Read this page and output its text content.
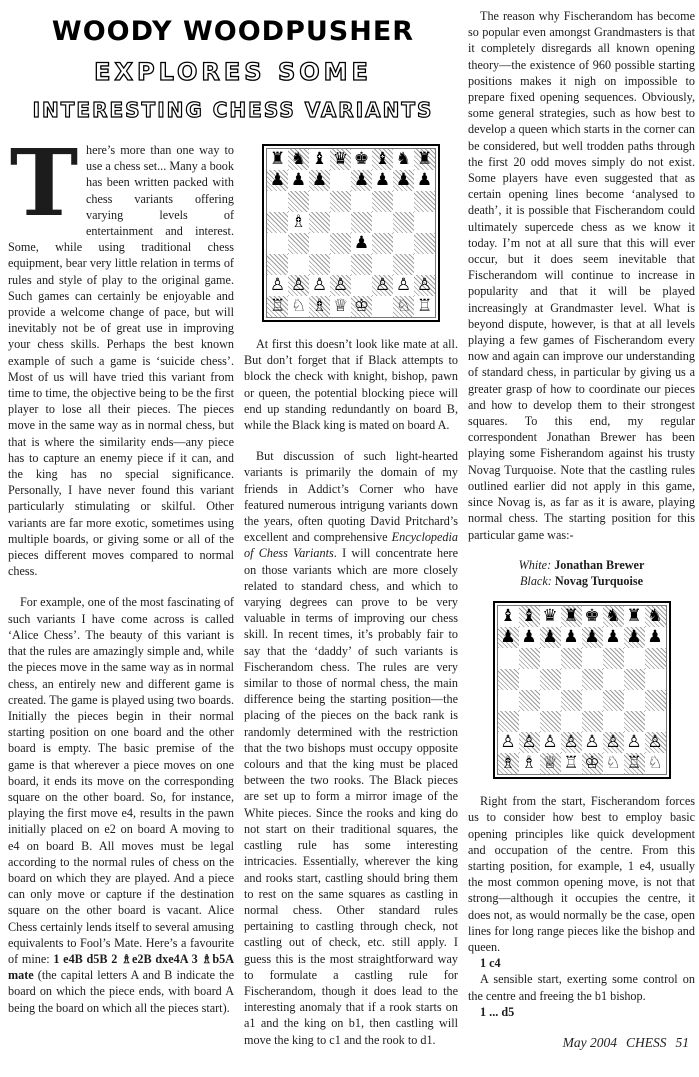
WOODY WOODPUSHER
EXPLORES SOME
INTERESTING CHESS VARIANTS

There’s more than one way to use a chess set... Many a book has been written packed with chess variants offering varying levels of entertainment and interest. Some, while using traditional chess equipment, bear very little relation in terms of rules and style of play to the original game. Such games can certainly be enjoyable and provide a welcome change of pace, but will inevitably not be of great use in improving your chess skills. Perhaps the best known example of such a game is ‘suicide chess’. Most of us will have tried this variant from time to time, the objective being to be the first player to lose all their pieces. The pieces move in the same way as in normal chess, but that is where the similarity ends—any piece has to capture an enemy piece if it can, and the king has no special significance. Personally, I have never found this variant particularly stimulating or skilful. Other variants are far more exotic, sometimes using multiple boards, or giving some or all of the pieces different moves compared to normal chess.

For example, one of the most fascinating of such variants I have come across is called ‘Alice Chess’. The beauty of this variant is that the rules are amazingly simple and, while the pieces move in the same way as in normal chess, an entirely new and different game is created. The game is played using two boards. Initially the pieces begin in their normal starting position on one board and the other board is empty. The basic premise of the game is that wherever a piece moves on one board, it ends its move on the corresponding square on the other board. So, for instance, playing the first move e4, results in the pawn initially placed on e2 on board A moving to e4 on board B. All moves must be legal according to the normal rules of chess on the board on which they are played. And a piece can only move or capture if the destination square on the other board is vacant. Alice Chess certainly lends itself to several amusing equivalents to Fool’s Mate. Here’s a favourite of mine: 1 e4B d5B 2 ♗e2B dxe4A 3 ♗b5A mate (the capital letters A and B indicate the board on which the piece ends, with board A being the board on which all the pieces start).

♜ ♞ ♝ ♛ ♚ ♝ ♞ ♜
♟ ♟ ♟ ♟ ♟ ♟ ♟
♗
♟
♙ ♙ ♙ ♙ ♙ ♙ ♙
♖ ♘ ♗ ♕ ♔ ♘ ♖

At first this doesn’t look like mate at all. But don’t forget that if Black attempts to block the check with knight, bishop, pawn or queen, the potential blocking piece will end up standing redundantly on board B, while the Black king is mated on board A.

But discussion of such light-hearted variants is primarily the domain of my friends in Addict’s Corner who have featured numerous intrigung variants down the years, often quoting David Pritchard’s excellent and comprehensive Encyclopedia of Chess Variants. I will concentrate here on those variants which are more closely related to standard chess, and which to varying degrees can prove to be very valuable in terms of improving our chess skill. In recent times, it’s probably fair to say that the ‘daddy’ of such variants is Fischerandom chess. The rules are very similar to those of normal chess, the main difference being the starting position—the placing of the pieces on the back rank is randomly determined with the restriction that the two bishops must occupy opposite colours and that the king must be placed between the two rooks. The Black pieces are set up to form a mirror image of the White pieces. Since the rooks and king do not start on their traditional squares, the castling rule has some interesting intricacies. Essentially, wherever the king and rooks start, castling should bring them to rest on the same squares as castling in normal chess. Other standard rules pertaining to castling through check, not castling out of check, etc. still apply. I guess this is the most straightforward way to formulate a castling rule for Fischerandom, though it does lead to the interesting anomaly that if a rook starts on a1 and the king on b1, then castling will move the king to c1 and the rook to d1.

The reason why Fischerandom has become so popular even amongst Grandmasters is that it completely disregards all known opening theory—the existence of 960 possible starting positions makes it nigh on impossible to prepare fixed opening sequences. Obviously, some general strategies, such as how best to develop a queen which starts in the corner can be considered, but well trodden paths through the first 20 odd moves simply do not exist. Some players have even suggested that as certain opening lines become ‘analysed to death’, it is possible that Fischerandom could ultimately supercede chess as we know it today. I’m not at all sure that this will ever occur, but it does seem inevitable that Fischerandom will continue to increase in popularity and that it will be played increasingly at Grandmaster level. What is beyond dispute, however, is that at all levels playing a few games of Fischerandom every now and again can improve our understanding of standard chess, in particular by giving us a greater grasp of how to coordinate our pieces and how to develop them to their strongest squares. To this end, my regular correspondent Jonathan Brewer has been playing some Fisherandom against his trusty Novag Turquoise. Note that the castling rules outlined earlier did not apply in this game, since Novag is, as far as it is aware, playing normal chess. The starting position for this particular game was:-

White: Jonathan Brewer
Black: Novag Turquoise
♝ ♝ ♛ ♜ ♚ ♞ ♜ ♞
♟ ♟ ♟ ♟ ♟ ♟ ♟ ♟
♙ ♙ ♙ ♙ ♙ ♙ ♙ ♙
♗ ♗ ♕ ♖ ♔ ♘ ♖ ♘

Right from the start, Fischerandom forces us to consider how best to employ basic opening principles like quick development and occupation of the centre. From this starting position, for example, 1 e4, usually the most common opening move, is not that strong—although it occupies the centre, it does not, as would normally be the case, open lines for long range pieces like the bishop and queen.

1 c4

A sensible start, exerting some control on the centre and freeing the b1 bishop.

1 ... d5

May 2004 CHESS 51
